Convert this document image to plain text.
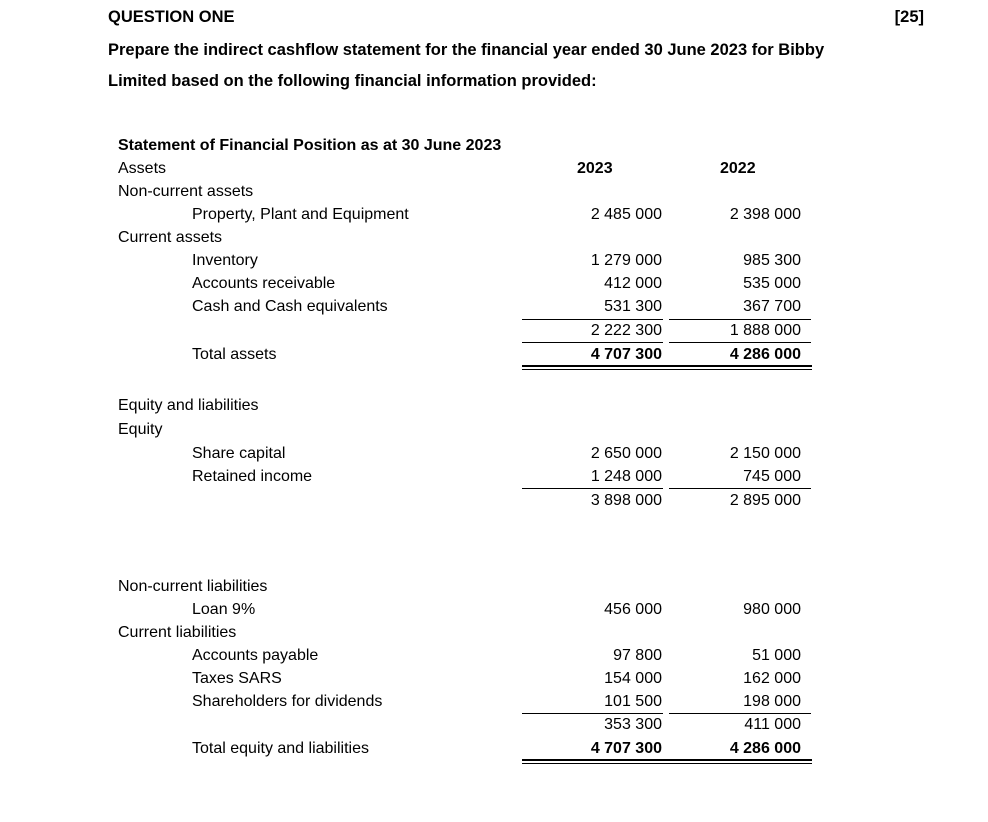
QUESTION ONE	[25]
Prepare the indirect cashflow statement for the financial year ended 30 June 2023 for Bibby
Limited based on the following financial information provided:
Statement of Financial Position as at 30 June 2023
Assets	2023	2022
Non-current assets
Property, Plant and Equipment	2 485 000	2 398 000
Current assets
Inventory	1 279 000	985 300
Accounts receivable	412 000	535 000
Cash and Cash equivalents	531 300	367 700
2 222 300	1 888 000
Total assets	4 707 300	4 286 000
Equity and liabilities
Equity
Share capital	2 650 000	2 150 000
Retained income	1 248 000	745 000
3 898 000	2 895 000
Non-current liabilities
Loan 9%	456 000	980 000
Current liabilities
Accounts payable	97 800	51 000
Taxes SARS	154 000	162 000
Shareholders for dividends	101 500	198 000
353 300	411 000
Total equity and liabilities	4 707 300	4 286 000
